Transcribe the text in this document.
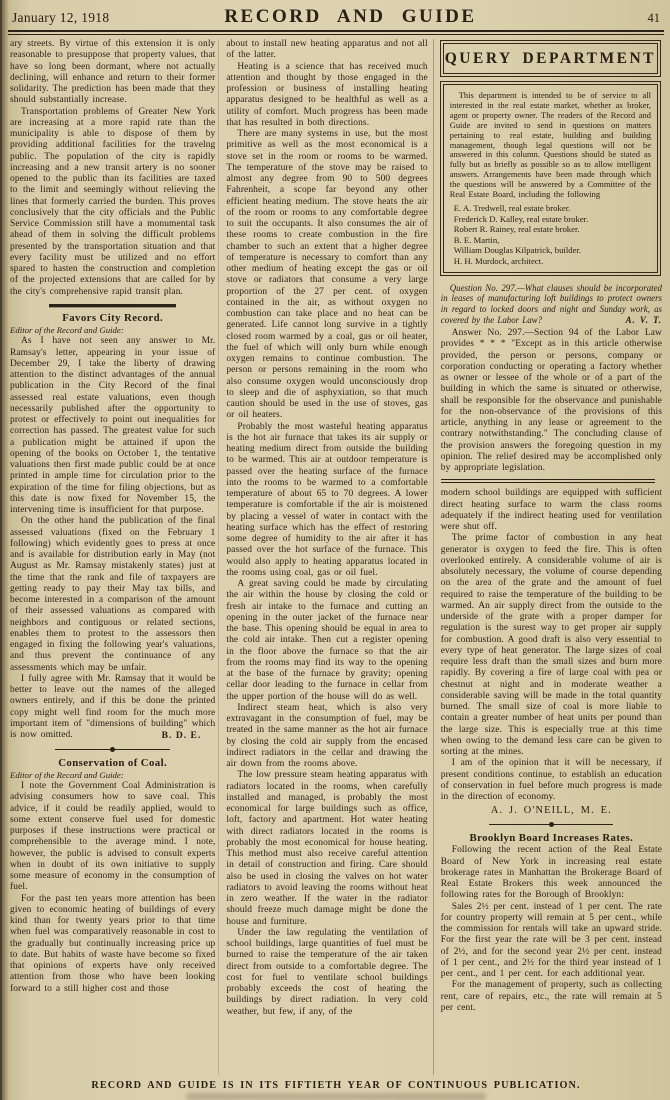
January 12, 1918	RECORD AND GUIDE	41

ary streets. By virtue of this extension it is only reasonable to presuppose that property values, that have so long been dormant, where not actually declining, will enhance and return to their former solidarity. The prediction has been made that they should substantially increase.

Transportation problems of Greater New York are increasing at a more rapid rate than the municipality is able to dispose of them by providing additional facilities for the travelng public. The population of the city is rapidly increasing and a new transit artery is no sooner opened to the public than its facilities are taxed to the limit and seemingly without relieving the lines that formerly carried the burden. This proves conclusively that the city officials and the Public Service Commission still have a monumental task ahead of them in solving the difficult problems presented by the transportation situation and that every facility must be utilized and no effort spared to hasten the construction and completion of the projected extensions that are called for by the city's comprehensive rapid transit plan.

Favors City Record.
Editor of the Record and Guide:

As I have not seen any answer to Mr. Ramsay's letter, appearing in your issue of December 29, I take the liberty of drawing attention to the distinct advantages of the annual publication in the City Record of the final assessed real estate valuations, even though necessarily published after the opportunity to protest or effectively to point out inequalities for correction has passed. The greatest value for such a publication might be attained if upon the opening of the books on October 1, the tentative valuations then first made public could be at once printed in ample time for circulation prior to the expiration of the time for filing objections, but as this date is now fixed for November 15, the intervening time is insufficient for that purpose.

On the other hand the publication of the final assessed valuations (fixed on the February 1 following) which evidently goes to press at once and is available for distribution early in May (not August as Mr. Ramsay mistakenly states) just at the time that the rank and file of taxpayers are getting ready to pay their May tax bills, and become interested in a comparison of the amount of their assessed valuations as compared with neighbors and contiguous or related sections, enables them to protest to the assessors then engaged in fixing the following year's valuations, and thus prevent the continuance of any assessments which may be unfair.

I fully agree with Mr. Ramsay that it would be better to leave out the names of the alleged owners entirely, and if this be done the printed copy might well find room for the much more important item of "dimensions of building" which is now omitted.	B. D. E.
Conservation of Coal.
Editor of the Record and Guide:

I note the Government Coal Administration is advising consumers how to save coal. This advice, if it could be readily applied, would to some extent conserve fuel used for domestic purposes if these instructions were practical or comprehensible to the average mind. I note, however, the public is advised to consult experts when in doubt of its own initiative to supply some measure of economy in the consumption of fuel.

For the past ten years more attention has been given to economic heating of buildings of every kind than for twenty years prior to that time when fuel was comparatively reasonable in cost to the gradually but continually increasing price up to date. But habits of waste have become so fixed that opinions of experts have only received attention from those who have been looking forward to a still higher cost and those

about to install new heating apparatus and not all of the latter.

Heating is a science that has received much attention and thought by those engaged in the profession or business of installing heating apparatus designed to be healthful as well as a utility of comfort. Much progress has been made that has resulted in both directions.

There are many systems in use, but the most primitive as well as the most economical is a stove set in the room or rooms to be warmed. The temperature of the stove may be raised to almost any degree from 90 to 500 degrees Fahrenheit, a scope far beyond any other efficient heating medium. The stove heats the air of the room or rooms to any comfortable degree to suit the occupants. It also consumes the air of these rooms to create combustion in the fire chamber to such an extent that a higher degree of temperature is necessary to comfort than any other medium of heating except the gas or oil stove or radiators that consume a very large proportion of the 27 per cent. of oxygen contained in the air, as without oxygen no combustion can take place and no heat can be generated. Life cannot long survive in a tightly closed room warmed by a coal, gas or oil heater, the fuel of which will only burn while enough oxygen remains to continue combustion. The person or persons remaining in the room who also consume oxygen would unconsciously drop to sleep and die of asphyxiation, so that much caution should be used in the use of stoves, gas or oil heaters.

Probably the most wasteful heating apparatus is the hot air furnace that takes its air supply or heating medium direct from outside the building to be warmed. This air at outdoor temperature is passed over the heating surface of the furnace into the rooms to be warmed to a comfortable temperature of about 65 to 70 degrees. A lower temperature is comfortable if the air is moistened by placing a vessel of water in contact with the heating surface which has the effect of restoring some degree of humidity to the air after it has passed over the hot surface of the furnace. This would also apply to heating apparatus located in the rooms using coal, gas or oil fuel.

A great saving could be made by circulating the air within the house by closing the cold or fresh air intake to the furnace and cutting an opening in the outer jacket of the furnace near the base. This opening should be equal in area to the cold air intake. Then cut a register opening in the floor above the furnace so that the air from the rooms may find its way to the opening at the base of the furnace by gravity; opening cellar door leading to the furnace in cellar from the upper portion of the house will do as well.

Indirect steam heat, which is also very extravagant in the consumption of fuel, may be treated in the same manner as the hot air furnace by closing the cold air supply from the encased indirect radiators in the cellar and drawing the air down from the rooms above.

The low pressure steam heating apparatus with radiators located in the rooms, when carefully installed and managed, is probably the most economical for large buildings such as office, loft, factory and apartment. Hot water heating with direct radiators located in the rooms is probably the most economical for house heating. This method must also receive careful attention in detail of construction and firing. Care should also be used in closing the valves on hot water radiators to avoid leaving the rooms without heat in zero weather. If the water in the radiator should freeze much damage might be done the house and furniture.

Under the law regulating the ventilation of school buildings, large quantities of fuel must be burned to raise the temperature of the air taken direct from outside to a comfortable degree. The cost for fuel to ventilate school buildings probably exceeds the cost of heating the buildings by direct radiation. In very cold weather, but few, if any, of the

QUERY DEPARTMENT

This department is intended to be of service to all interested in the real estate market, whether as broker, agent or property owner. The readers of the Record and Guide are invited to send in questions on matters pertaining to real estate, building and building management, though legal questions will not be answered in this column. Questions should be stated as fully but as briefly as possible so as to allow intelligent answers. Arrangements have been made through which the questions will be answered by a Committee of the Real Estate Board, including the following

E. A. Tredwell, real estate broker.

Frederick D. Kalley, real estate broker.

Robert R. Rainey, real estate broker.

B. E. Martin,

William Douglas Kilpatrick, builder.

H. H. Murdock, architect.

Question No. 297.—What clauses should be incorporated in leases of manufacturing loft buildings to protect owners in regard to locked doors and night and Sunday work, as covered by the Labor Law?	A. V. T.

Answer No. 297.—Section 94 of the Labor Law provides * * * "Except as in this article otherwise provided, the person or persons, company or corporation conducting or operating a factory whether as owner or lessee of the whole or of a part of the building in which the same is situated or otherwise, shall be responsible for the observance and punishable for the non-observance of the provisions of this article, anything in any lease or agreement to the contrary notwithstanding." The concluding clause of the provision answers the foregoing question in my opinion. The relief desired may be accomplished only by appropriate legislation.

modern school buildings are equipped with sufficient direct heating surface to warm the class rooms adequately if the indirect heating used for ventilation were shut off.

The prime factor of combustion in any heat generator is oxygen to feed the fire. This is often overlooked entirely. A considerable volume of air is absolutely necessary, the volume of course depending on the area of the grate and the amount of fuel required to raise the temperature of the building to be warmed. An air supply direct from the outside to the underside of the grate with a proper damper for regulation is the surest way to get proper air supply for combustion. A good draft is also very essential to every type of heat generator. The large sizes of coal require less draft than the small sizes and burn more rapidly. By covering a fire of large coal with pea or chestnut at night and in moderate weather a considerable saving will be made in the total quantity burned. The small size of coal is more liable to contain a greater number of heat units per pound than the large size. This is especially true at this time when owing to the demand less care can be given to sorting at the mines.

I am of the opinion that it will be necessary, if present conditions continue, to establish an education of conservation in fuel before much progress is made in the direction of economy.

A. J. O'NEILL, M. E.
Brooklyn Board Increases Rates.

Following the recent action of the Real Estate Board of New York in increasing real estate brokerage rates in Manhattan the Brokerage Board of Real Estate Brokers this week announced the following rates for the Borough of Brooklyn:

Sales 2½ per cent. instead of 1 per cent. The rate for country property will remain at 5 per cent., while the commission for rentals will take an upward stride. For the first year the rate will be 3 per cent. instead of 2½, and for the second year 2½ per cent. instead of 1 per cent., and 2½ for the third year instead of 1 per cent., and 1 per cent. for each additional year.

For the management of property, such as collecting rent, care of repairs, etc., the rate will remain at 5 per cent.

RECORD AND GUIDE IS IN ITS FIFTIETH YEAR OF CONTINUOUS PUBLICATION.
